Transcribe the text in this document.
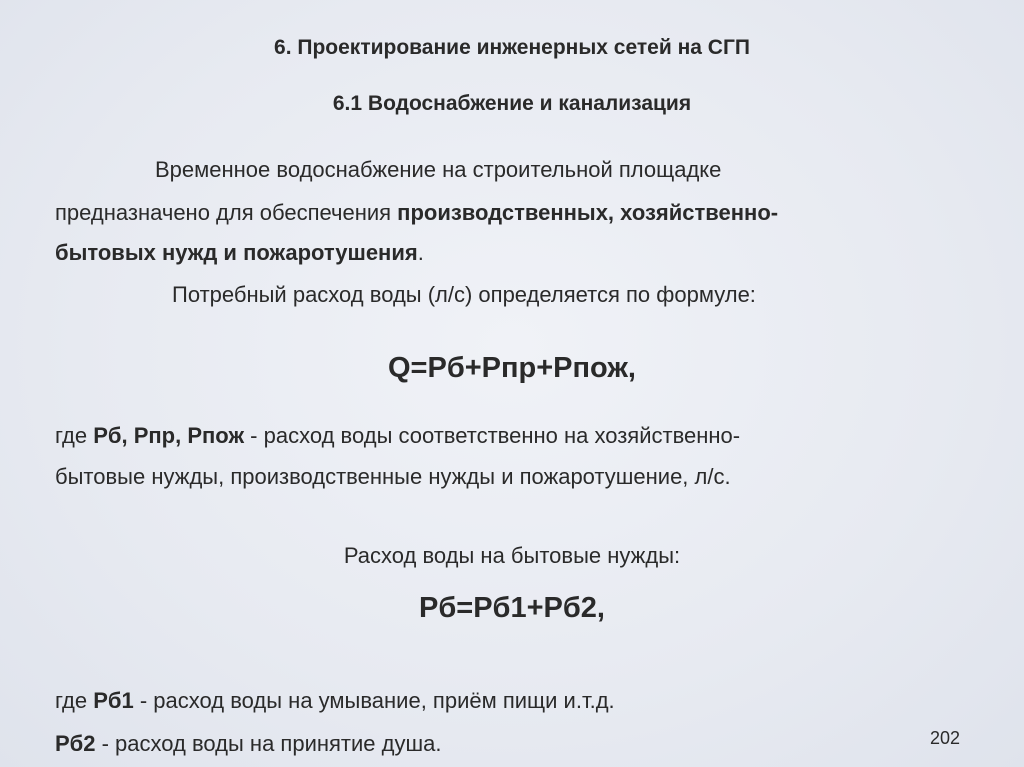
6. Проектирование инженерных сетей на СГП
6.1 Водоснабжение и канализация
Временное водоснабжение на строительной площадке
предназначено для обеспечения производственных, хозяйственно-
бытовых нужд и пожаротушения.
Потребный расход воды (л/с) определяется по формуле:
Q=Рб+Рпр+Рпож,
где Рб, Рпр, Рпож - расход воды соответственно на хозяйственно-
бытовые нужды, производственные нужды и пожаротушение, л/с.
Расход воды на бытовые нужды:
Рб=Рб1+Рб2,
где Рб1 - расход воды на умывание, приём пищи и.т.д.
Рб2 - расход воды на принятие душа.	202
